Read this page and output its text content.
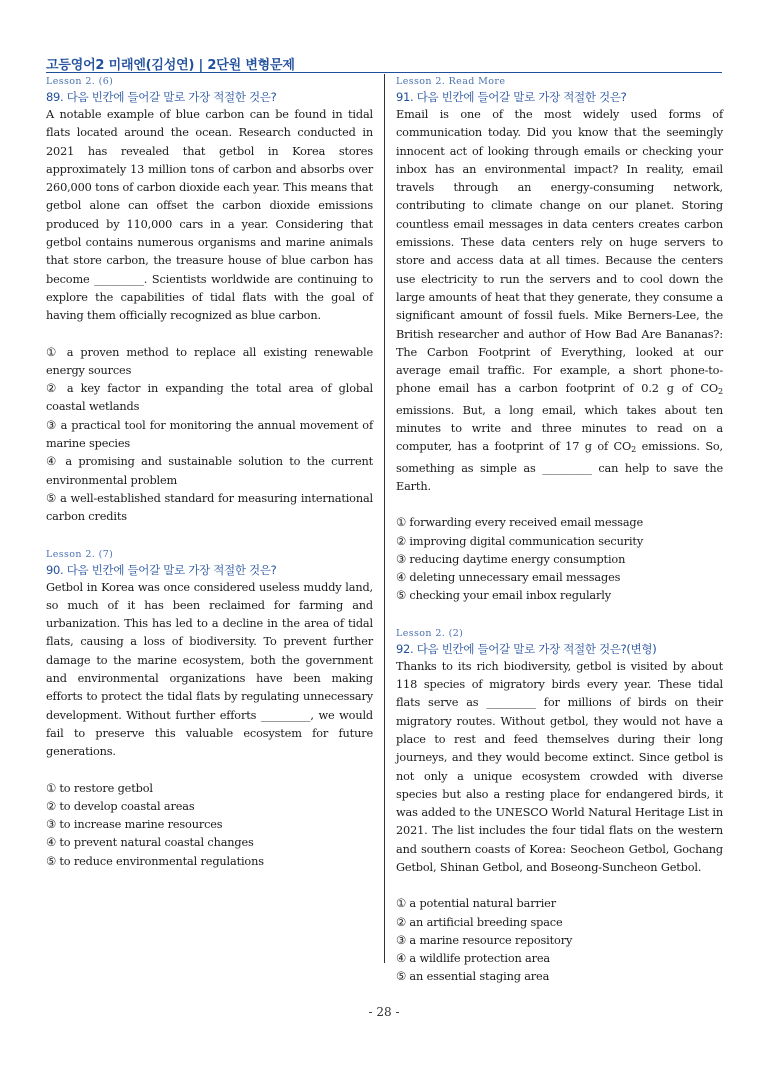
고등영어2 미래엔(김성연) | 2단원 변형문제
Lesson 2. (6)
89. 다음 빈칸에 들어갈 말로 가장 적절한 것은?

A notable example of blue carbon can be found in tidal flats located around the ocean. Research conducted in 2021 has revealed that getbol in Korea stores approximately 13 million tons of carbon and absorbs over 260,000 tons of carbon dioxide each year. This means that getbol alone can offset the carbon dioxide emissions produced by 110,000 cars in a year. Considering that getbol contains numerous organisms and marine animals that store carbon, the treasure house of blue carbon has become _________. Scientists worldwide are continuing to explore the capabilities of tidal flats with the goal of having them officially recognized as blue carbon.

① a proven method to replace all existing renewable energy sources
② a key factor in expanding the total area of global coastal wetlands
③ a practical tool for monitoring the annual movement of marine species
④ a promising and sustainable solution to the current environmental problem
⑤ a well-established standard for measuring international carbon credits
Lesson 2. (7)
90. 다음 빈칸에 들어갈 말로 가장 적절한 것은?

Getbol in Korea was once considered useless muddy land, so much of it has been reclaimed for farming and urbanization. This has led to a decline in the area of tidal flats, causing a loss of biodiversity. To prevent further damage to the marine ecosystem, both the government and environmental organizations have been making efforts to protect the tidal flats by regulating unnecessary development. Without further efforts _________, we would fail to preserve this valuable ecosystem for future generations.

① to restore getbol
② to develop coastal areas
③ to increase marine resources
④ to prevent natural coastal changes
⑤ to reduce environmental regulations
Lesson 2. Read More
91. 다음 빈칸에 들어갈 말로 가장 적절한 것은?

Email is one of the most widely used forms of communication today. Did you know that the seemingly innocent act of looking through emails or checking your inbox has an environmental impact? In reality, email travels through an energy-consuming network, contributing to climate change on our planet. Storing countless email messages in data centers creates carbon emissions. These data centers rely on huge servers to store and access data at all times. Because the centers use electricity to run the servers and to cool down the large amounts of heat that they generate, they consume a significant amount of fossil fuels. Mike Berners-Lee, the British researcher and author of How Bad Are Bananas?: The Carbon Footprint of Everything, looked at our average email traffic. For example, a short phone-to-phone email has a carbon footprint of 0.2 g of $CO_2$ emissions. But, a long email, which takes about ten minutes to write and three minutes to read on a computer, has a footprint of 17 g of $CO_2$ emissions. So, something as simple as _________ can help to save the Earth.

① forwarding every received email message
② improving digital communication security
③ reducing daytime energy consumption
④ deleting unnecessary email messages
⑤ checking your email inbox regularly
Lesson 2. (2)
92. 다음 빈칸에 들어갈 말로 가장 적절한 것은?(변형)

Thanks to its rich biodiversity, getbol is visited by about 118 species of migratory birds every year. These tidal flats serve as _________ for millions of birds on their migratory routes. Without getbol, they would not have a place to rest and feed themselves during their long journeys, and they would become extinct. Since getbol is not only a unique ecosystem crowded with diverse species but also a resting place for endangered birds, it was added to the UNESCO World Natural Heritage List in 2021. The list includes the four tidal flats on the western and southern coasts of Korea: Seocheon Getbol, Gochang Getbol, Shinan Getbol, and Boseong-Suncheon Getbol.

① a potential natural barrier
② an artificial breeding space
③ a marine resource repository
④ a wildlife protection area
⑤ an essential staging area
- 28 -
